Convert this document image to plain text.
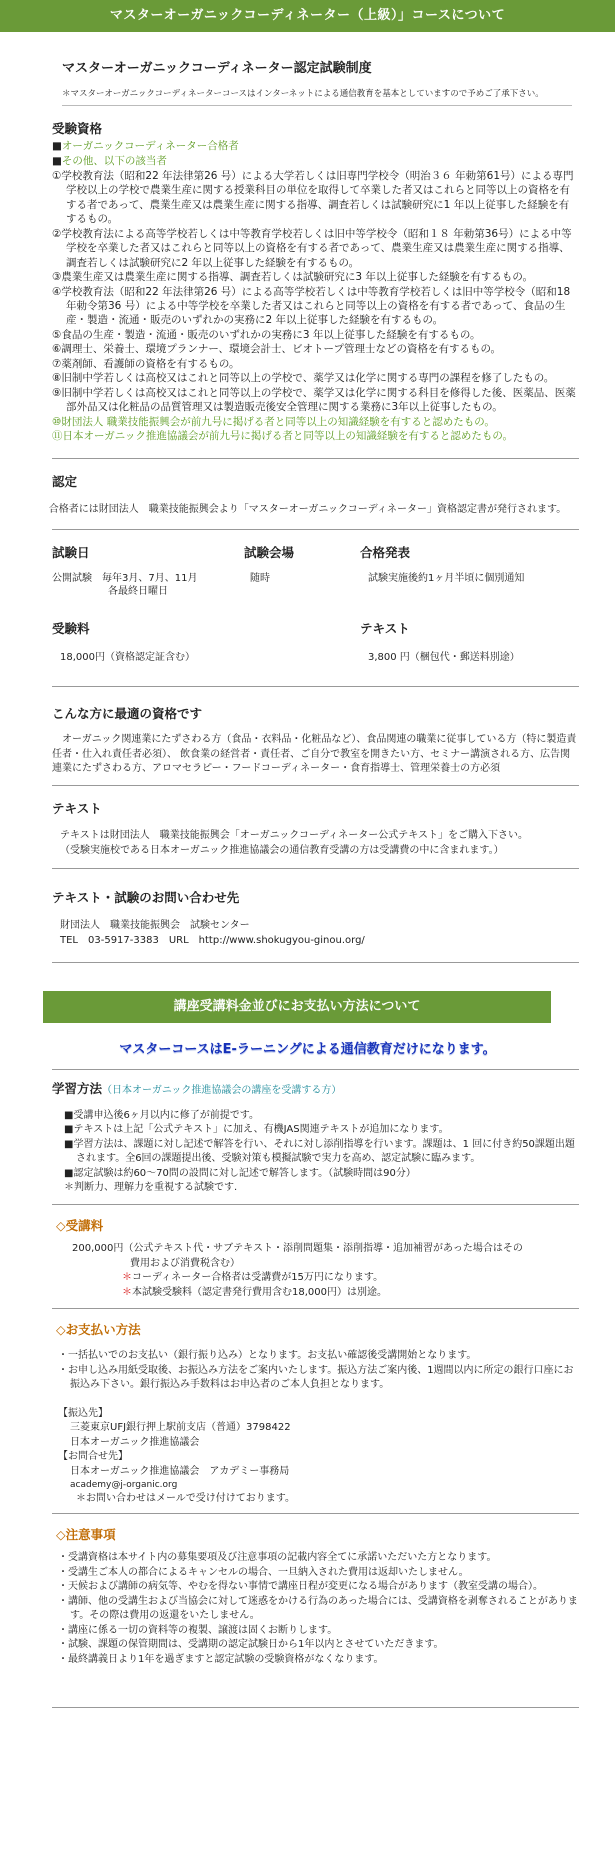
マスターオーガニックコーディネーター（上級）」コースについて
マスターオーガニックコーディネーター認定試験制度
＊マスターオーガニックコーディネーターコースはインターネットによる通信教育を基本としていますので予めご了承下さい。
受験資格
■オーガニックコーディネーター合格者
■その他、以下の該当者
①学校教育法（昭和22 年法律第26 号）による大学若しくは旧専門学校令（明治３６ 年勅第61号）による専門学校以上の学校で農業生産に関する授業科目の単位を取得して卒業した者又はこれらと同等以上の資格を有する者であって、農業生産又は農業生産に関する指導、調査若しくは試験研究に1 年以上従事した経験を有するもの。
②学校教育法による高等学校若しくは中等教育学校若しくは旧中等学校令（昭和１８ 年勅第36号）による中等学校を卒業した者又はこれらと同等以上の資格を有する者であって、農業生産又は農業生産に関する指導、調査若しくは試験研究に2 年以上従事した経験を有するもの。
③農業生産又は農業生産に関する指導、調査若しくは試験研究に3 年以上従事した経験を有するもの。
④学校教育法（昭和22 年法律第26 号）による高等学校若しくは中等教育学校若しくは旧中等学校令（昭和18 年勅令第36 号）による中等学校を卒業した者又はこれらと同等以上の資格を有する者であって、食品の生産・製造・流通・販売のいずれかの実務に2 年以上従事した経験を有するもの。
⑤食品の生産・製造・流通・販売のいずれかの実務に3 年以上従事した経験を有するもの。
⑥調理士、栄養士、環境プランナー、環境会計士、ビオトープ管理士などの資格を有するもの。
⑦薬剤師、看護師の資格を有するもの。
⑧旧制中学若しくは高校又はこれと同等以上の学校で、薬学又は化学に関する専門の課程を修了したもの。
⑨旧制中学若しくは高校又はこれと同等以上の学校で、薬学又は化学に関する科目を修得した後、医薬品、医薬部外品又は化粧品の品質管理又は製造販売後安全管理に関する業務に3年以上従事したもの。
⑩財団法人 職業技能振興会が前九号に掲げる者と同等以上の知識経験を有すると認めたもの。
⑪日本オーガニック推進協議会が前九号に掲げる者と同等以上の知識経験を有すると認めたもの。
認定
合格者には財団法人　職業技能振興会より「マスターオーガニックコーディネーター」資格認定書が発行されます。
試験日
公開試験　毎年3月、7月、11月
各最終日曜日
試験会場
随時
合格発表
試験実施後約1ヶ月半頃に個別通知
受験料
18,000円（資格認定証含む）
テキスト
3,800 円（梱包代・郵送料別途）
こんな方に最適の資格です
　オーガニック関連業にたずさわる方（食品・衣料品・化粧品など）、食品関連の職業に従事している方（特に製造責任者・仕入れ責任者必須）、 飲食業の経営者・責任者、ご自分で教室を開きたい方、セミナー講演される方、広告関連業にたずさわる方、アロマセラピー・フードコーディネーター・食育指導士、管理栄養士の方必須
テキスト
テキストは財団法人　職業技能振興会「オーガニックコーディネーター公式テキスト」をご購入下さい。
（受験実施校である日本オーガニック推進協議会の通信教育受講の方は受講費の中に含まれます。）
テキスト・試験のお問い合わせ先
財団法人　職業技能振興会　試験センター
TEL　03-5917-3383　URL　http://www.shokugyou-ginou.org/
講座受講料金並びにお支払い方法について
マスターコースはE-ラーニングによる通信教育だけになります。
学習方法（日本オーガニック推進協議会の講座を受講する方）
■受講申込後6ヶ月以内に修了が前提です。
■テキストは上記「公式テキスト」に加え、有機JAS関連テキストが追加になります。
■学習方法は、課題に対し記述で解答を行い、それに対し添削指導を行います。課題は、1 回に付き約50課題出題されます。全6回の課題提出後、受験対策も模擬試験で実力を高め、認定試験に臨みます。
■認定試験は約60～70問の設問に対し記述で解答します。（試験時間は90分）
＊判断力、理解力を重視する試験です.
◇受講料
200,000円（公式テキスト代・サブテキスト・添削問題集・添削指導・追加補習があった場合はその
費用および消費税含む）
＊コーディネーター合格者は受講費が15万円になります。
＊本試験受験料（認定書発行費用含む18,000円）は別途。
◇お支払い方法
・一括払いでのお支払い（銀行振り込み）となります。お支払い確認後受講開始となります。
・お申し込み用紙受取後、お振込み方法をご案内いたします。振込方法ご案内後、1週間以内に所定の銀行口座にお振込み下さい。銀行振込み手数料はお申込者のご本人負担となります。
【振込先】
三菱東京UFJ銀行押上駅前支店（普通）3798422
日本オーガニック推進協議会
【お問合せ先】
日本オーガニック推進協議会　アカデミー事務局
academy@j-organic.org
＊お問い合わせはメールで受け付けております。
◇注意事項
・受講資格は本サイト内の募集要項及び注意事項の記載内容全てに承諾いただいた方となります。
・受講生ご本人の都合によるキャンセルの場合、一旦納入された費用は返却いたしません。
・天候および講師の病気等、やむを得ない事情で講座日程が変更になる場合があります（教室受講の場合）。
・講師、他の受講生および当協会に対して迷惑をかける行為のあった場合には、受講資格を剥奪されることがあります。その際は費用の返還をいたしません。
・講座に係る一切の資料等の複製、譲渡は固くお断りします。
・試験、課題の保管期間は、受講期の認定試験日から1年以内とさせていただきます。
・最終講義日より1年を過ぎますと認定試験の受験資格がなくなります。
